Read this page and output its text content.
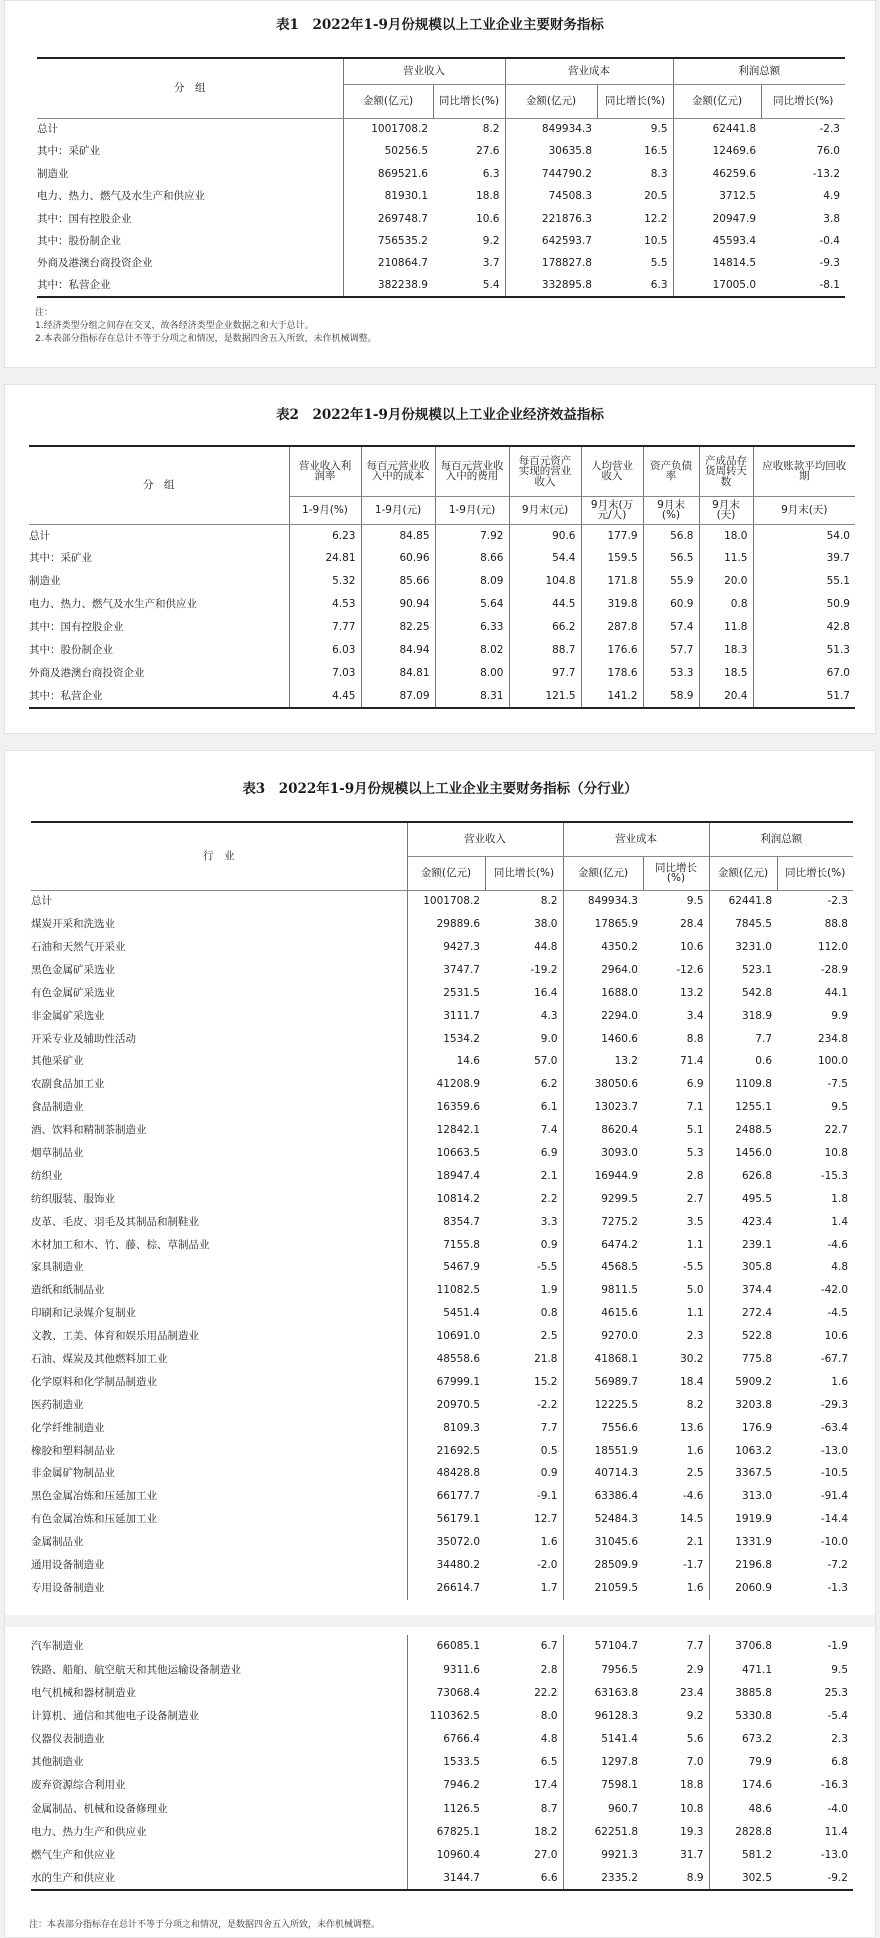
表1　2022年1-9月份规模以上工业企业主要财务指标
分　组	营业收入		营业成本		利润总额	
	金额(亿元)	同比增长(%)	金额(亿元)	同比增长(%)	金额(亿元)	同比增长(%)
总计	1001708.2	8.2	849934.3	9.5	62441.8	-2.3
其中：采矿业	50256.5	27.6	30635.8	16.5	12469.6	76.0
制造业	869521.6	6.3	744790.2	8.3	46259.6	-13.2
电力、热力、燃气及水生产和供应业	81930.1	18.8	74508.3	20.5	3712.5	4.9
其中：国有控股企业	269748.7	10.6	221876.3	12.2	20947.9	3.8
其中：股份制企业	756535.2	9.2	642593.7	10.5	45593.4	-0.4
外商及港澳台商投资企业	210864.7	3.7	178827.8	5.5	14814.5	-9.3
其中：私营企业	382238.9	5.4	332895.8	6.3	17005.0	-8.1
注：
1.经济类型分组之间存在交叉，故各经济类型企业数据之和大于总计。
2.本表部分指标存在总计不等于分项之和情况，是数据四舍五入所致，未作机械调整。
表2　2022年1-9月份规模以上工业企业经济效益指标
分　组	营业收入利润率	每百元营业收入中的成本	每百元营业收入中的费用	每百元资产实现的营业收入	人均营业收入	资产负债率	产成品存货周转天数	应收账款平均回收期
	1-9月(%)	1-9月(元)	1-9月(元)	9月末(元)	9月末(万元/人)	9月末(%)	9月末(天)	9月末(天)
总计	6.23	84.85	7.92	90.6	177.9	56.8	18.0	54.0
其中：采矿业	24.81	60.96	8.66	54.4	159.5	56.5	11.5	39.7
制造业	5.32	85.66	8.09	104.8	171.8	55.9	20.0	55.1
电力、热力、燃气及水生产和供应业	4.53	90.94	5.64	44.5	319.8	60.9	0.8	50.9
其中：国有控股企业	7.77	82.25	6.33	66.2	287.8	57.4	11.8	42.8
其中：股份制企业	6.03	84.94	8.02	88.7	176.6	57.7	18.3	51.3
外商及港澳台商投资企业	7.03	84.81	8.00	97.7	178.6	53.3	18.5	67.0
其中：私营企业	4.45	87.09	8.31	121.5	141.2	58.9	20.4	51.7
表3　2022年1-9月份规模以上工业企业主要财务指标（分行业）
行　业	营业收入		营业成本		利润总额	
	金额(亿元)	同比增长(%)	金额(亿元)	同比增长(%)	金额(亿元)	同比增长(%)
总计	1001708.2	8.2	849934.3	9.5	62441.8	-2.3
煤炭开采和洗选业	29889.6	38.0	17865.9	28.4	7845.5	88.8
石油和天然气开采业	9427.3	44.8	4350.2	10.6	3231.0	112.0
黑色金属矿采选业	3747.7	-19.2	2964.0	-12.6	523.1	-28.9
有色金属矿采选业	2531.5	16.4	1688.0	13.2	542.8	44.1
非金属矿采选业	3111.7	4.3	2294.0	3.4	318.9	9.9
开采专业及辅助性活动	1534.2	9.0	1460.6	8.8	7.7	234.8
其他采矿业	14.6	57.0	13.2	71.4	0.6	100.0
农副食品加工业	41208.9	6.2	38050.6	6.9	1109.8	-7.5
食品制造业	16359.6	6.1	13023.7	7.1	1255.1	9.5
酒、饮料和精制茶制造业	12842.1	7.4	8620.4	5.1	2488.5	22.7
烟草制品业	10663.5	6.9	3093.0	5.3	1456.0	10.8
纺织业	18947.4	2.1	16944.9	2.8	626.8	-15.3
纺织服装、服饰业	10814.2	2.2	9299.5	2.7	495.5	1.8
皮革、毛皮、羽毛及其制品和制鞋业	8354.7	3.3	7275.2	3.5	423.4	1.4
木材加工和木、竹、藤、棕、草制品业	7155.8	0.9	6474.2	1.1	239.1	-4.6
家具制造业	5467.9	-5.5	4568.5	-5.5	305.8	4.8
造纸和纸制品业	11082.5	1.9	9811.5	5.0	374.4	-42.0
印刷和记录媒介复制业	5451.4	0.8	4615.6	1.1	272.4	-4.5
文教、工美、体育和娱乐用品制造业	10691.0	2.5	9270.0	2.3	522.8	10.6
石油、煤炭及其他燃料加工业	48558.6	21.8	41868.1	30.2	775.8	-67.7
化学原料和化学制品制造业	67999.1	15.2	56989.7	18.4	5909.2	1.6
医药制造业	20970.5	-2.2	12225.5	8.2	3203.8	-29.3
化学纤维制造业	8109.3	7.7	7556.6	13.6	176.9	-63.4
橡胶和塑料制品业	21692.5	0.5	18551.9	1.6	1063.2	-13.0
非金属矿物制品业	48428.8	0.9	40714.3	2.5	3367.5	-10.5
黑色金属冶炼和压延加工业	66177.7	-9.1	63386.4	-4.6	313.0	-91.4
有色金属冶炼和压延加工业	56179.1	12.7	52484.3	14.5	1919.9	-14.4
金属制品业	35072.0	1.6	31045.6	2.1	1331.9	-10.0
通用设备制造业	34480.2	-2.0	28509.9	-1.7	2196.8	-7.2
专用设备制造业	26614.7	1.7	21059.5	1.6	2060.9	-1.3
汽车制造业	66085.1	6.7	57104.7	7.7	3706.8	-1.9
铁路、船舶、航空航天和其他运输设备制造业	9311.6	2.8	7956.5	2.9	471.1	9.5
电气机械和器材制造业	73068.4	22.2	63163.8	23.4	3885.8	25.3
计算机、通信和其他电子设备制造业	110362.5	8.0	96128.3	9.2	5330.8	-5.4
仪器仪表制造业	6766.4	4.8	5141.4	5.6	673.2	2.3
其他制造业	1533.5	6.5	1297.8	7.0	79.9	6.8
废弃资源综合利用业	7946.2	17.4	7598.1	18.8	174.6	-16.3
金属制品、机械和设备修理业	1126.5	8.7	960.7	10.8	48.6	-4.0
电力、热力生产和供应业	67825.1	18.2	62251.8	19.3	2828.8	11.4
燃气生产和供应业	10960.4	27.0	9921.3	31.7	581.2	-13.0
水的生产和供应业	3144.7	6.6	2335.2	8.9	302.5	-9.2
注：本表部分指标存在总计不等于分项之和情况，是数据四舍五入所致，未作机械调整。
